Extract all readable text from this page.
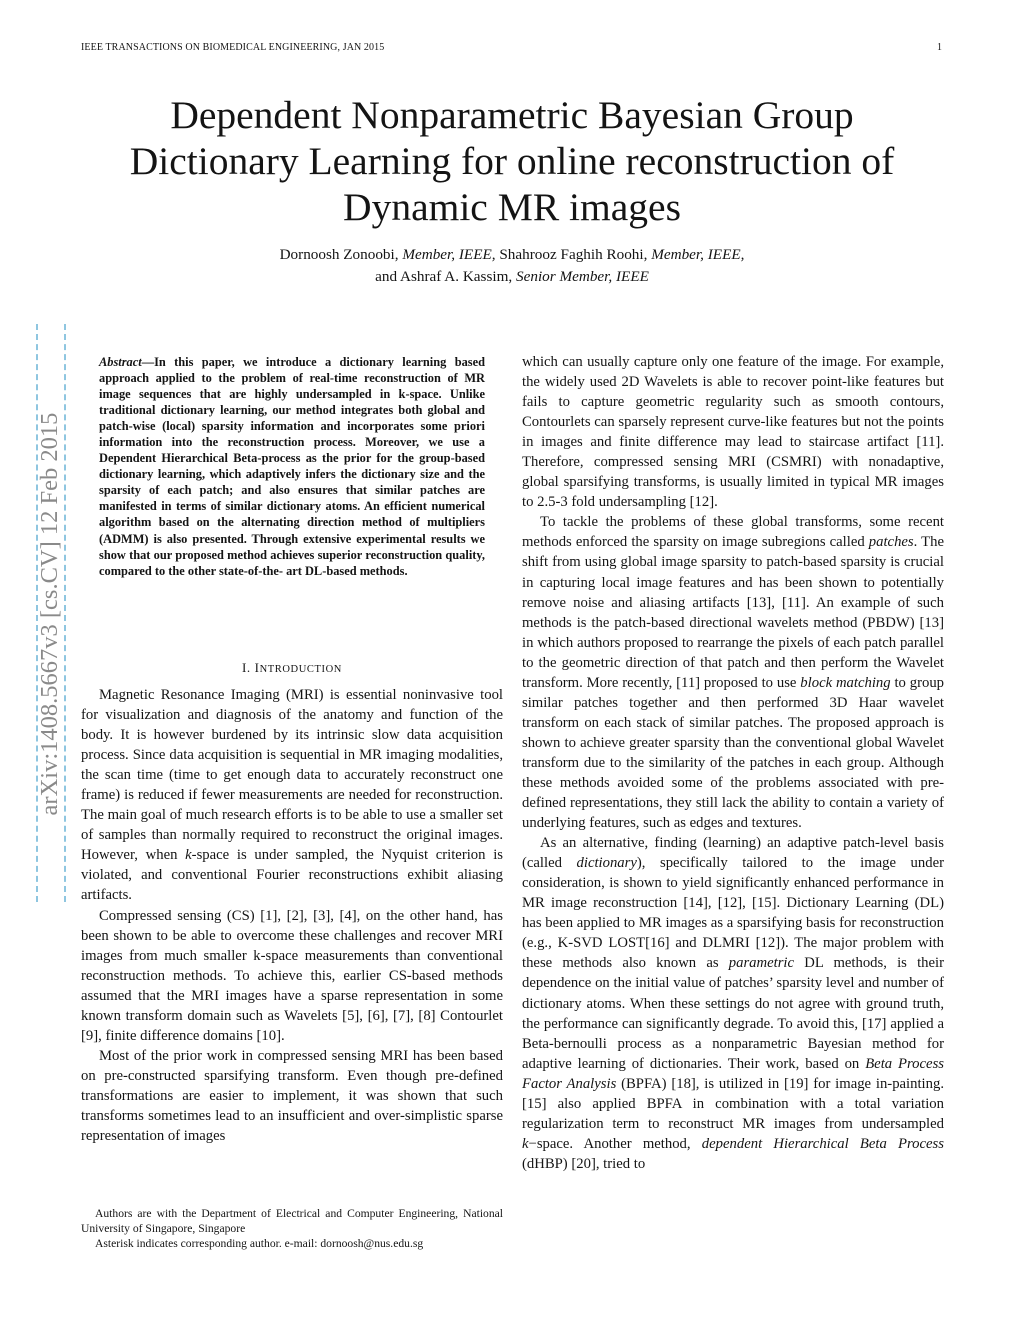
IEEE TRANSACTIONS ON BIOMEDICAL ENGINEERING, JAN 2015	1
Dependent Nonparametric Bayesian Group
Dictionary Learning for online reconstruction of
Dynamic MR images
Dornoosh Zonoobi, Member, IEEE, Shahrooz Faghih Roohi, Member, IEEE,
and Ashraf A. Kassim, Senior Member, IEEE
arXiv:1408.5667v3 [cs.CV] 12 Feb 2015
Abstract—In this paper, we introduce a dictionary learning based approach applied to the problem of real-time reconstruction of MR image sequences that are highly undersampled in k-space. Unlike traditional dictionary learning, our method integrates both global and patch-wise (local) sparsity information and incorporates some priori information into the reconstruction process. Moreover, we use a Dependent Hierarchical Beta-process as the prior for the group-based dictionary learning, which adaptively infers the dictionary size and the sparsity of each patch; and also ensures that similar patches are manifested in terms of similar dictionary atoms. An efficient numerical algorithm based on the alternating direction method of multipliers (ADMM) is also presented. Through extensive experimental results we show that our proposed method achieves superior reconstruction quality, compared to the other state-of-the- art DL-based methods.
I. INTRODUCTION

Magnetic Resonance Imaging (MRI) is essential noninvasive tool for visualization and diagnosis of the anatomy and function of the body. It is however burdened by its intrinsic slow data acquisition process. Since data acquisition is sequential in MR imaging modalities, the scan time (time to get enough data to accurately reconstruct one frame) is reduced if fewer measurements are needed for reconstruction. The main goal of much research efforts is to be able to use a smaller set of samples than normally required to reconstruct the original images. However, when k-space is under sampled, the Nyquist criterion is violated, and conventional Fourier reconstructions exhibit aliasing artifacts.

Compressed sensing (CS) [1], [2], [3], [4], on the other hand, has been shown to be able to overcome these challenges and recover MRI images from much smaller k-space measurements than conventional reconstruction methods. To achieve this, earlier CS-based methods assumed that the MRI images have a sparse representation in some known transform domain such as Wavelets [5], [6], [7], [8] Contourlet [9], finite difference domains [10].

Most of the prior work in compressed sensing MRI has been based on pre-constructed sparsifying transform. Even though pre-defined transformations are easier to implement, it was shown that such transforms sometimes lead to an insufficient and over-simplistic sparse representation of images

Authors are with the Department of Electrical and Computer Engineering, National University of Singapore, Singapore

Asterisk indicates corresponding author. e-mail: dornoosh@nus.edu.sg

which can usually capture only one feature of the image. For example, the widely used 2D Wavelets is able to recover point-like features but fails to capture geometric regularity such as smooth contours, Contourlets can sparsely represent curve-like features but not the points in images and finite difference may lead to staircase artifact [11]. Therefore, compressed sensing MRI (CSMRI) with nonadaptive, global sparsifying transforms, is usually limited in typical MR images to 2.5-3 fold undersampling [12].

To tackle the problems of these global transforms, some recent methods enforced the sparsity on image subregions called patches. The shift from using global image sparsity to patch-based sparsity is crucial in capturing local image features and has been shown to potentially remove noise and aliasing artifacts [13], [11]. An example of such methods is the patch-based directional wavelets method (PBDW) [13] in which authors proposed to rearrange the pixels of each patch parallel to the geometric direction of that patch and then perform the Wavelet transform. More recently, [11] proposed to use block matching to group similar patches together and then performed 3D Haar wavelet transform on each stack of similar patches. The proposed approach is shown to achieve greater sparsity than the conventional global Wavelet transform due to the similarity of the patches in each group. Although these methods avoided some of the problems associated with pre-defined representations, they still lack the ability to contain a variety of underlying features, such as edges and textures.

As an alternative, finding (learning) an adaptive patch-level basis (called dictionary), specifically tailored to the image under consideration, is shown to yield significantly enhanced performance in MR image reconstruction [14], [12], [15]. Dictionary Learning (DL) has been applied to MR images as a sparsifying basis for reconstruction (e.g., K-SVD LOST[16] and DLMRI [12]). The major problem with these methods also known as parametric DL methods, is their dependence on the initial value of patches’ sparsity level and number of dictionary atoms. When these settings do not agree with ground truth, the performance can significantly degrade. To avoid this, [17] applied a Beta-bernoulli process as a nonparametric Bayesian method for adaptive learning of dictionaries. Their work, based on Beta Process Factor Analysis (BPFA) [18], is utilized in [19] for image in-painting. [15] also applied BPFA in combination with a total variation regularization term to reconstruct MR images from undersampled k−space. Another method, dependent Hierarchical Beta Process (dHBP) [20], tried to
